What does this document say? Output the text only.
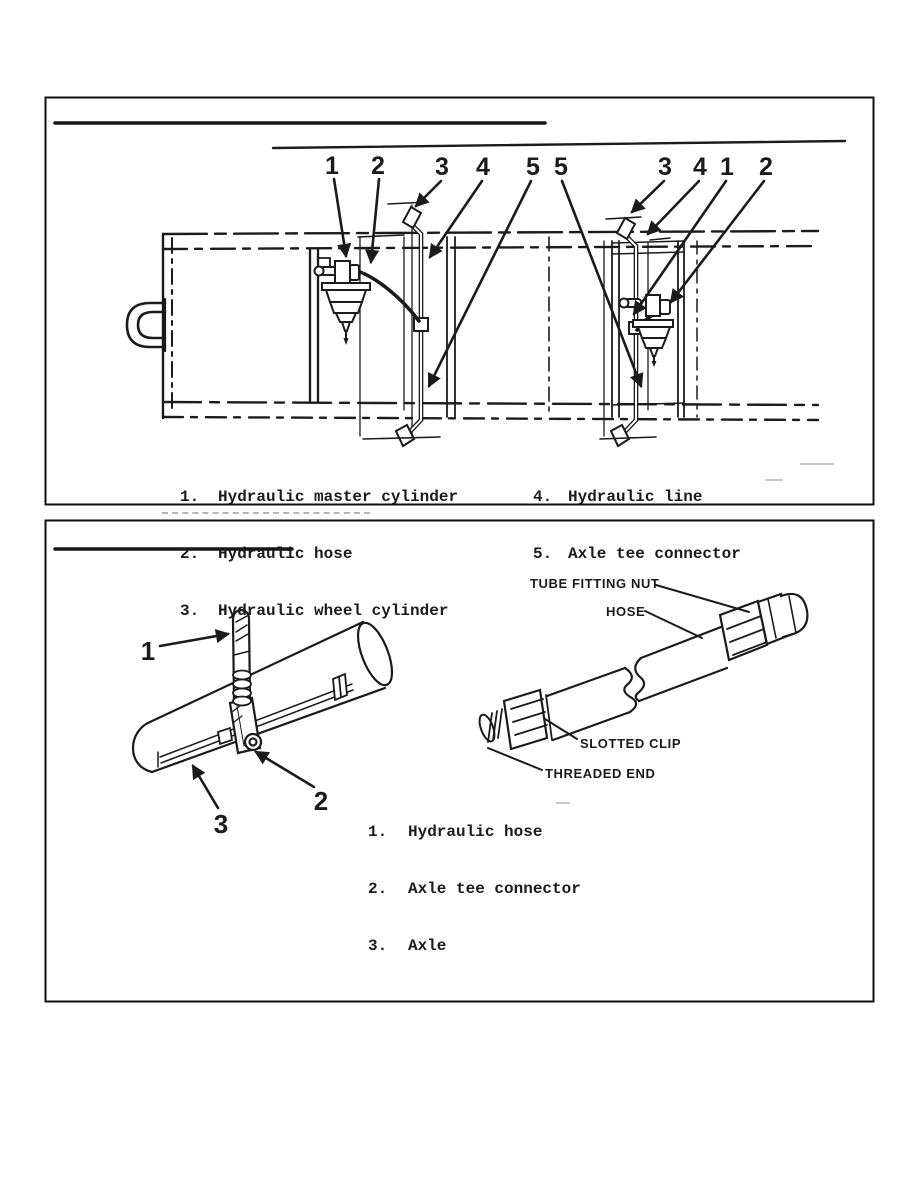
1 2 3 4 5 5	3 4 1 2
1
2
3
TUBE FITTING NUT
HOSE
SLOTTED CLIP
THREADED END

1.	Hydraulic master cylinder

2.	Hydraulic hose

3.	Hydraulic wheel cylinder

4. Hydraulic line

5. Axle tee connector

1.	Hydraulic hose

2.	Axle tee connector

3.	Axle
